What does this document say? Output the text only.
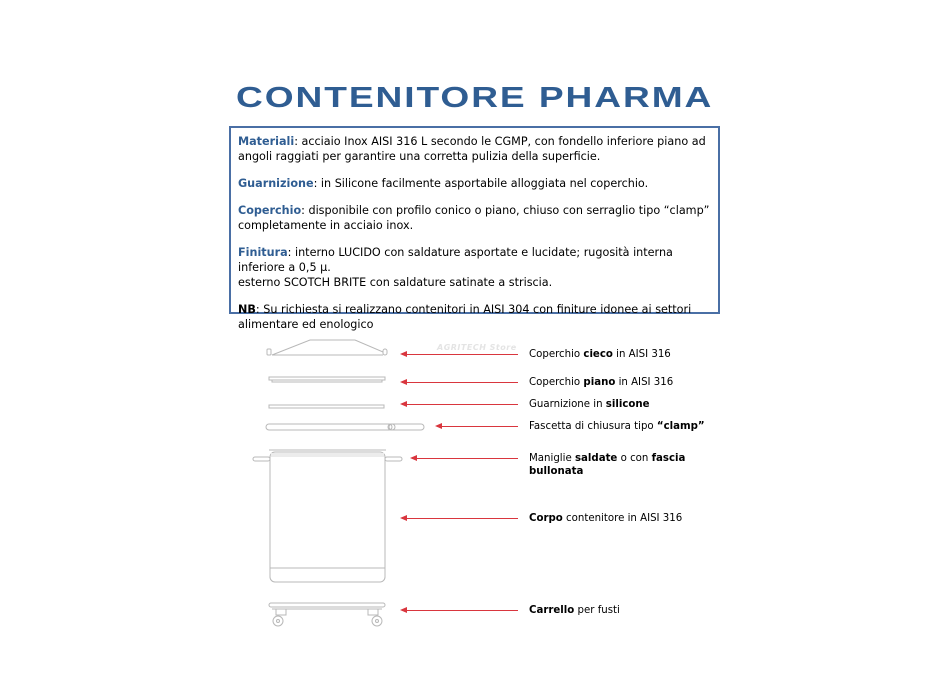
CONTENITORE PHARMA

Materiali: acciaio Inox AISI 316 L secondo le CGMP, con fondello inferiore piano ad angoli raggiati per garantire una corretta pulizia della superficie.

Guarnizione: in Silicone facilmente asportabile alloggiata nel coperchio.

Coperchio: disponibile con profilo conico o piano, chiuso con serraglio tipo “clamp” completamente in acciaio inox.

Finitura: interno LUCIDO con saldature asportate e lucidate; rugosità interna inferiore a 0,5 µ.
esterno SCOTCH BRITE con saldature satinate a striscia.

NB: Su richiesta si realizzano contenitori in AISI 304 con finiture idonee ai settori alimentare ed enologico

AGRITECH Store
Coperchio cieco in AISI 316
Coperchio piano in AISI 316
Guarnizione in silicone
Fascetta di chiusura tipo “clamp”
Maniglie saldate o con fascia
bullonata
Corpo contenitore in AISI 316
Carrello per fusti
